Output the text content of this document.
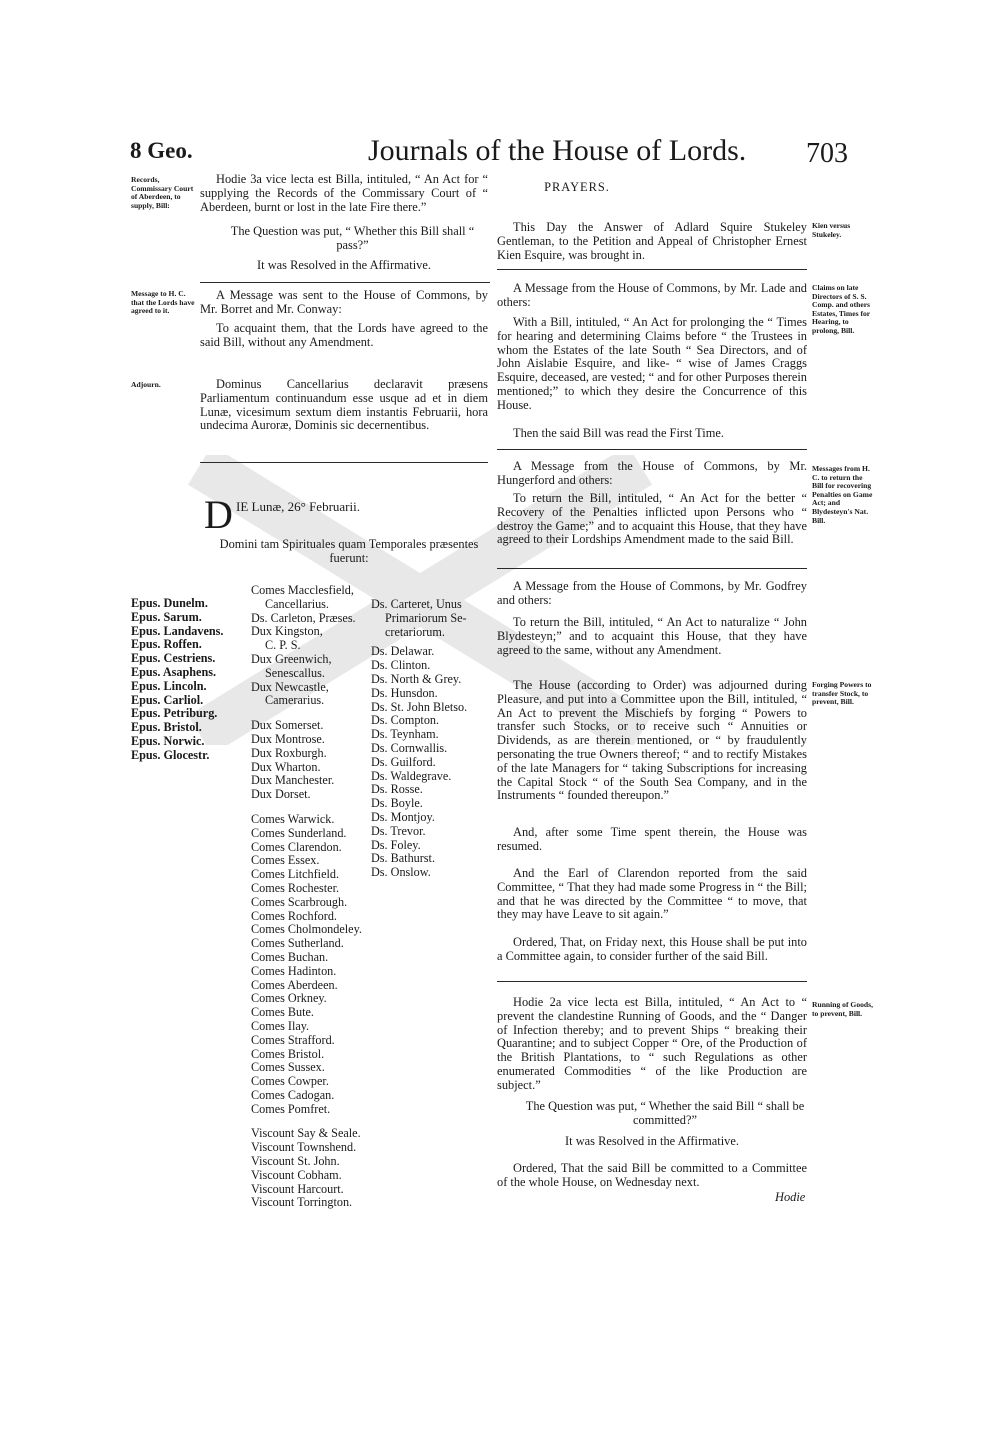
8 Geo.	Journals of the House of Lords. 703
Records, Commissary Court of Aberdeen, to supply, Bill:

Hodie 3a vice lecta est Billa, intituled, “ An Act for “ supplying the Records of the Commissary Court of “ Aberdeen, burnt or lost in the late Fire there.”

The Question was put, “ Whether this Bill shall “ pass?”

It was Resolved in the Affirmative.

Message to H. C. that the Lords have agreed to it.

A Message was sent to the House of Commons, by Mr. Borret and Mr. Conway:

To acquaint them, that the Lords have agreed to the said Bill, without any Amendment.

Adjourn.	Dominus Cancellarius declaravit præsens Parliamentum continuandum esse usque ad et in diem Lunæ, vicesimum sextum diem instantis Februarii, hora undecima Auroræ, Dominis sic decernentibus.

D IE Lunæ, 26° Februarii.

Domini tam Spirituales quam Temporales præsentes fuerunt:

Epus. Dunelm.
Epus. Sarum.
Epus. Landavens.
Epus. Roffen.
Epus. Cestriens.
Epus. Asaphens.
Epus. Lincoln.
Epus. Carliol.
Epus. Petriburg.
Epus. Bristol.
Epus. Norwic.
Epus. Glocestr.
Comes Macclesfield,
Cancellarius.
Ds. Carleton, Præses.
Dux Kingston,
C. P. S.
Dux Greenwich,
Senescallus.
Dux Newcastle,
Camerarius.
Dux Somerset.
Dux Montrose.
Dux Roxburgh.
Dux Wharton.
Dux Manchester.
Dux Dorset.
Comes Warwick.
Comes Sunderland.
Comes Clarendon.
Comes Essex.
Comes Litchfield.
Comes Rochester.
Comes Scarbrough.
Comes Rochford.
Comes Cholmondeley.
Comes Sutherland.
Comes Buchan.
Comes Hadinton.
Comes Aberdeen.
Comes Orkney.
Comes Bute.
Comes Ilay.
Comes Strafford.
Comes Bristol.
Comes Sussex.
Comes Cowper.
Comes Cadogan.
Comes Pomfret.
Viscount Say & Seale.
Viscount Townshend.
Viscount St. John.
Viscount Cobham.
Viscount Harcourt.
Viscount Torrington.
Ds. Carteret, Unus
Primariorum Se-
cretariorum.
Ds. Delawar.
Ds. Clinton.
Ds. North & Grey.
Ds. Hunsdon.
Ds. St. John Bletso.
Ds. Compton.
Ds. Teynham.
Ds. Cornwallis.
Ds. Guilford.
Ds. Waldegrave.
Ds. Rosse.
Ds. Boyle.
Ds. Montjoy.
Ds. Trevor.
Ds. Foley.
Ds. Bathurst.
Ds. Onslow.
PRAYERS.

This Day the Answer of Adlard Squire Stukeley Gentleman, to the Petition and Appeal of Christopher Ernest Kien Esquire, was brought in.

Kien versus Stukeley.

A Message from the House of Commons, by Mr. Lade and others:

With a Bill, intituled, “ An Act for prolonging the “ Times for hearing and determining Claims before “ the Trustees in whom the Estates of the late South “ Sea Directors, and of John Aislabie Esquire, and like- “ wise of James Craggs Esquire, deceased, are vested; “ and for other Purposes therein mentioned;” to which they desire the Concurrence of this House.

Claims on late Directors of S. S. Comp. and others Estates, Times for Hearing, to prolong, Bill.

Then the said Bill was read the First Time.

A Message from the House of Commons, by Mr. Hungerford and others:

To return the Bill, intituled, “ An Act for the better “ Recovery of the Penalties inflicted upon Persons who “ destroy the Game;” and to acquaint this House, that they have agreed to their Lordships Amendment made to the said Bill.

Messages from H. C. to return the Bill for recovering Penalties on Game Act; and Blydesteyn's Nat. Bill.

A Message from the House of Commons, by Mr. Godfrey and others:

To return the Bill, intituled, “ An Act to naturalize “ John Blydesteyn;” and to acquaint this House, that they have agreed to the same, without any Amendment.

The House (according to Order) was adjourned during Pleasure, and put into a Committee upon the Bill, intituled, “ An Act to prevent the Mischiefs by forging “ Powers to transfer such Stocks, or to receive such “ Annuities or Dividends, as are therein mentioned, or “ by fraudulently personating the true Owners thereof; “ and to rectify Mistakes of the late Managers for “ taking Subscriptions for increasing the Capital Stock “ of the South Sea Company, and in the Instruments “ founded thereupon.”

Forging Powers to transfer Stock, to prevent, Bill.

And, after some Time spent therein, the House was resumed.

And the Earl of Clarendon reported from the said Committee, “ That they had made some Progress in “ the Bill; and that he was directed by the Committee “ to move, that they may have Leave to sit again.”

Ordered, That, on Friday next, this House shall be put into a Committee again, to consider further of the said Bill.

Hodie 2a vice lecta est Billa, intituled, “ An Act to “ prevent the clandestine Running of Goods, and the “ Danger of Infection thereby; and to prevent Ships “ breaking their Quarantine; and to subject Copper “ Ore, of the Production of the British Plantations, to “ such Regulations as other enumerated Commodities “ of the like Production are subject.”

Running of Goods, to prevent, Bill.

The Question was put, “ Whether the said Bill “ shall be committed?”

It was Resolved in the Affirmative.

Ordered, That the said Bill be committed to a Committee of the whole House, on Wednesday next.

Hodie
